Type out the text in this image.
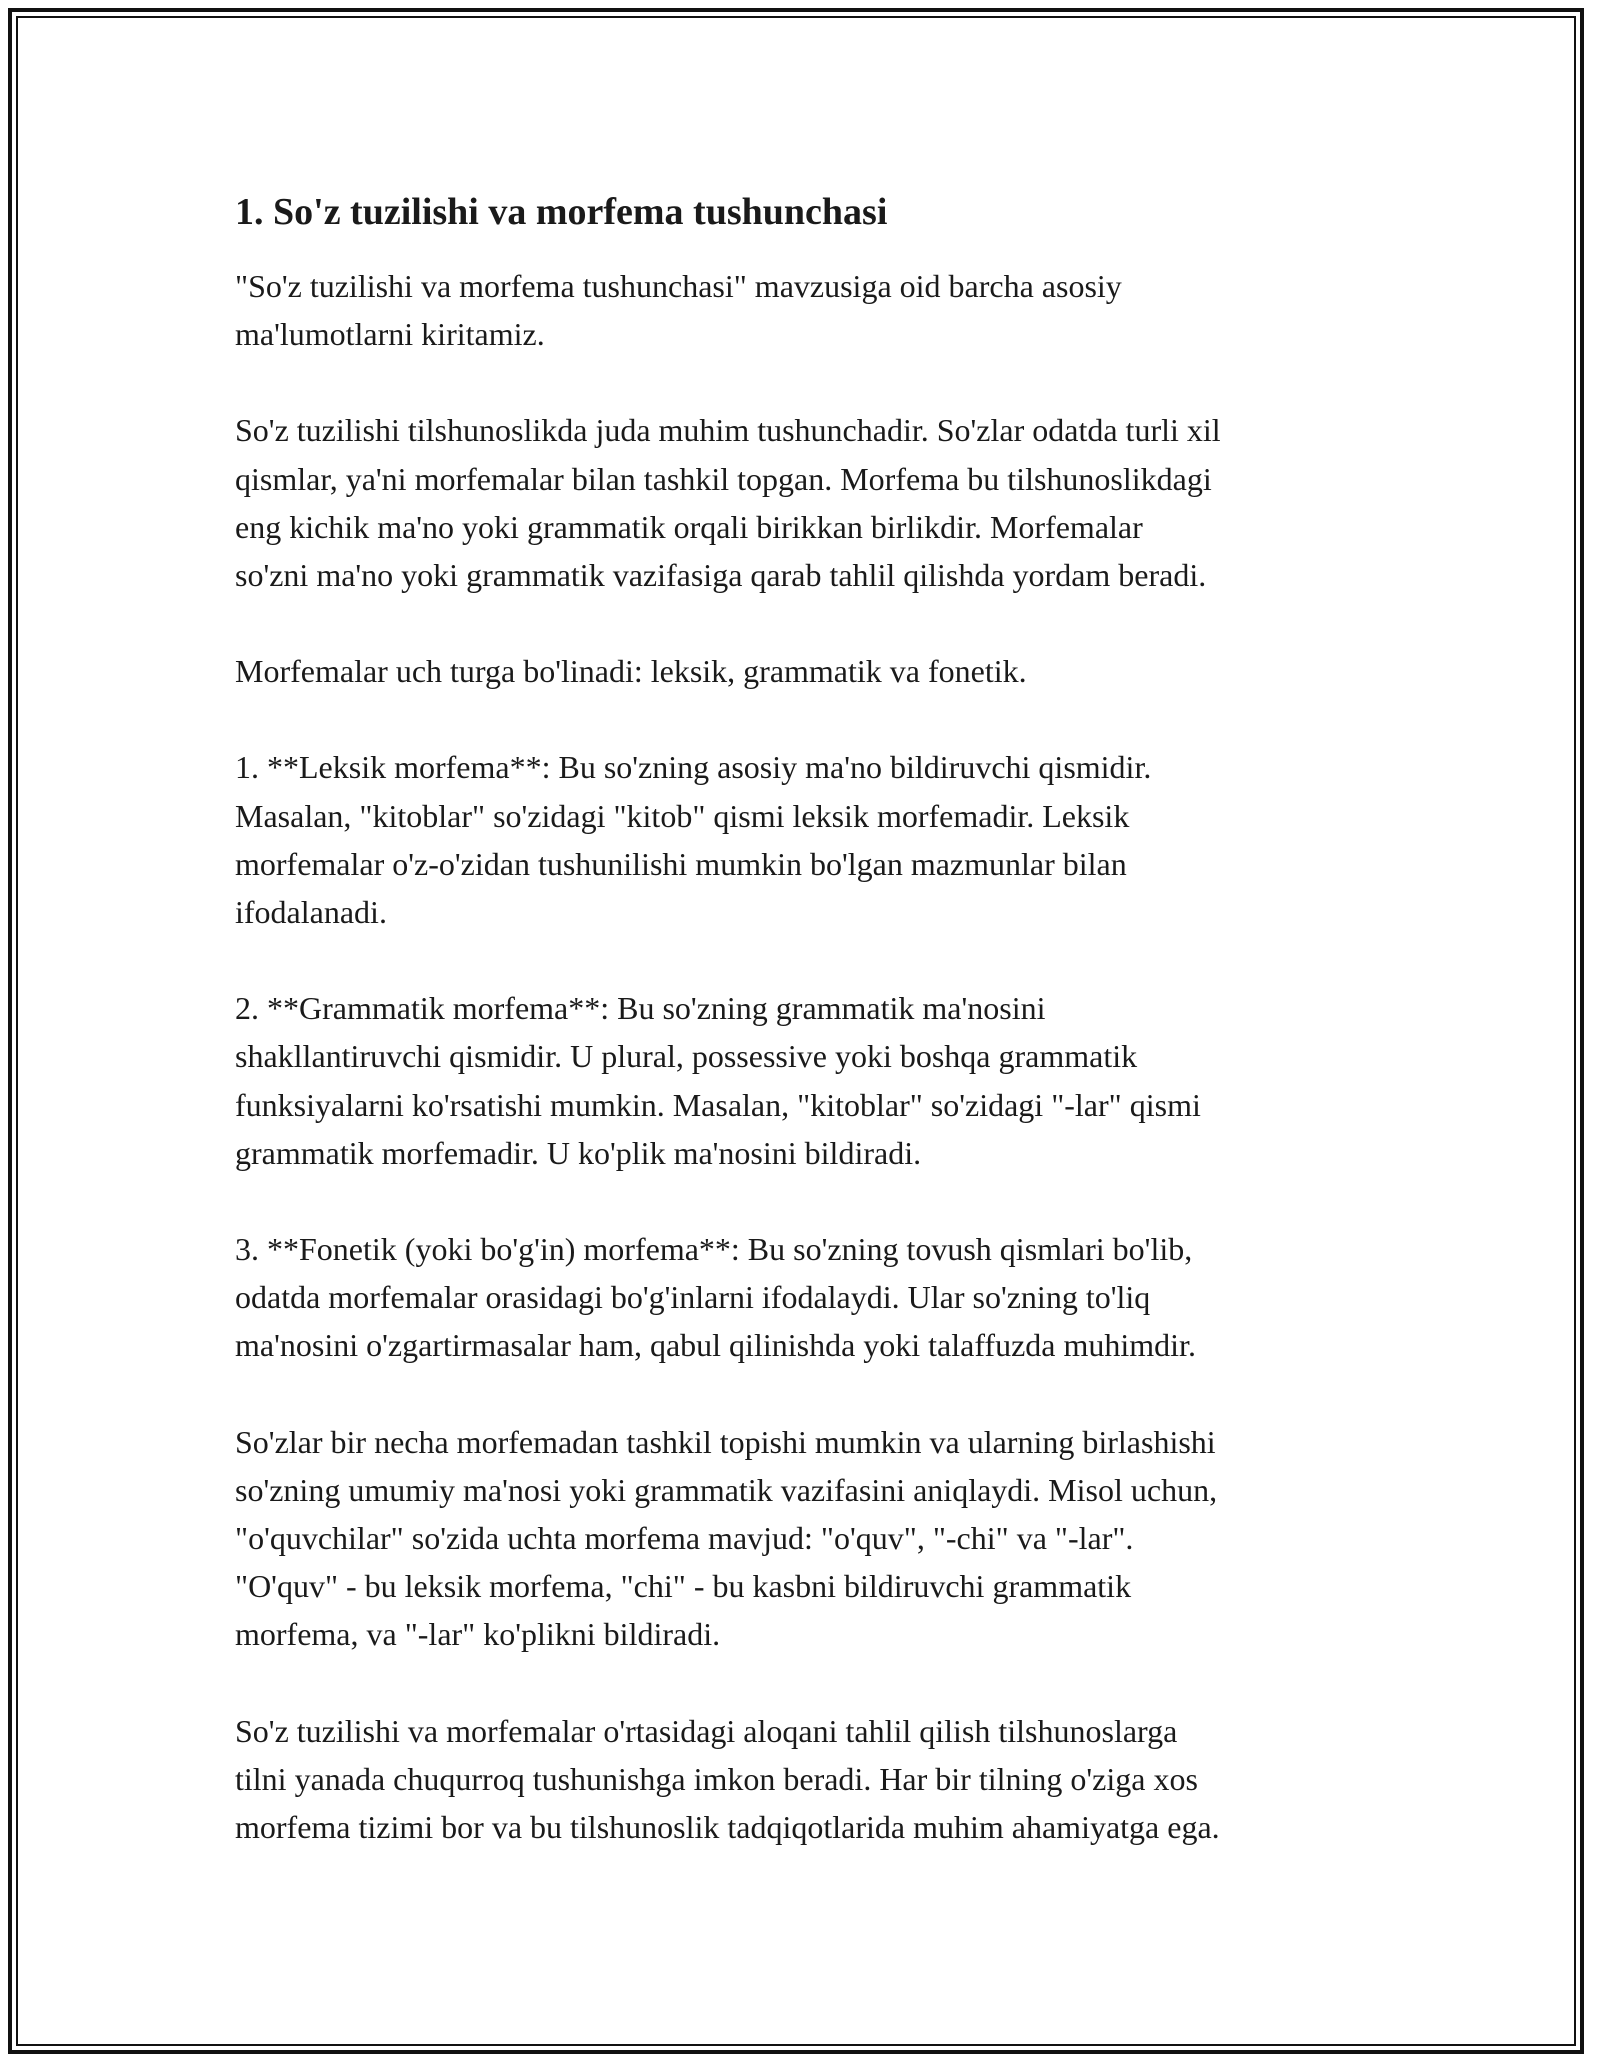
1. So'z tuzilishi va morfema tushunchasi

"So'z tuzilishi va morfema tushunchasi" mavzusiga oid barcha asosiy
ma'lumotlarni kiritamiz.

So'z tuzilishi tilshunoslikda juda muhim tushunchadir. So'zlar odatda turli xil
qismlar, ya'ni morfemalar bilan tashkil topgan. Morfema bu tilshunoslikdagi
eng kichik ma'no yoki grammatik orqali birikkan birlikdir. Morfemalar
so'zni ma'no yoki grammatik vazifasiga qarab tahlil qilishda yordam beradi.

Morfemalar uch turga bo'linadi: leksik, grammatik va fonetik.

1. **Leksik morfema**: Bu so'zning asosiy ma'no bildiruvchi qismidir.
Masalan, "kitoblar" so'zidagi "kitob" qismi leksik morfemadir. Leksik
morfemalar o'z-o'zidan tushunilishi mumkin bo'lgan mazmunlar bilan
ifodalanadi.

2. **Grammatik morfema**: Bu so'zning grammatik ma'nosini
shakllantiruvchi qismidir. U plural, possessive yoki boshqa grammatik
funksiyalarni ko'rsatishi mumkin. Masalan, "kitoblar" so'zidagi "-lar" qismi
grammatik morfemadir. U ko'plik ma'nosini bildiradi.

3. **Fonetik (yoki bo'g'in) morfema**: Bu so'zning tovush qismlari bo'lib,
odatda morfemalar orasidagi bo'g'inlarni ifodalaydi. Ular so'zning to'liq
ma'nosini o'zgartirmasalar ham, qabul qilinishda yoki talaffuzda muhimdir.

So'zlar bir necha morfemadan tashkil topishi mumkin va ularning birlashishi
so'zning umumiy ma'nosi yoki grammatik vazifasini aniqlaydi. Misol uchun,
"o'quvchilar" so'zida uchta morfema mavjud: "o'quv", "-chi" va "-lar".
"O'quv" - bu leksik morfema, "chi" - bu kasbni bildiruvchi grammatik
morfema, va "-lar" ko'plikni bildiradi.

So'z tuzilishi va morfemalar o'rtasidagi aloqani tahlil qilish tilshunoslarga
tilni yanada chuqurroq tushunishga imkon beradi. Har bir tilning o'ziga xos
morfema tizimi bor va bu tilshunoslik tadqiqotlarida muhim ahamiyatga ega.
